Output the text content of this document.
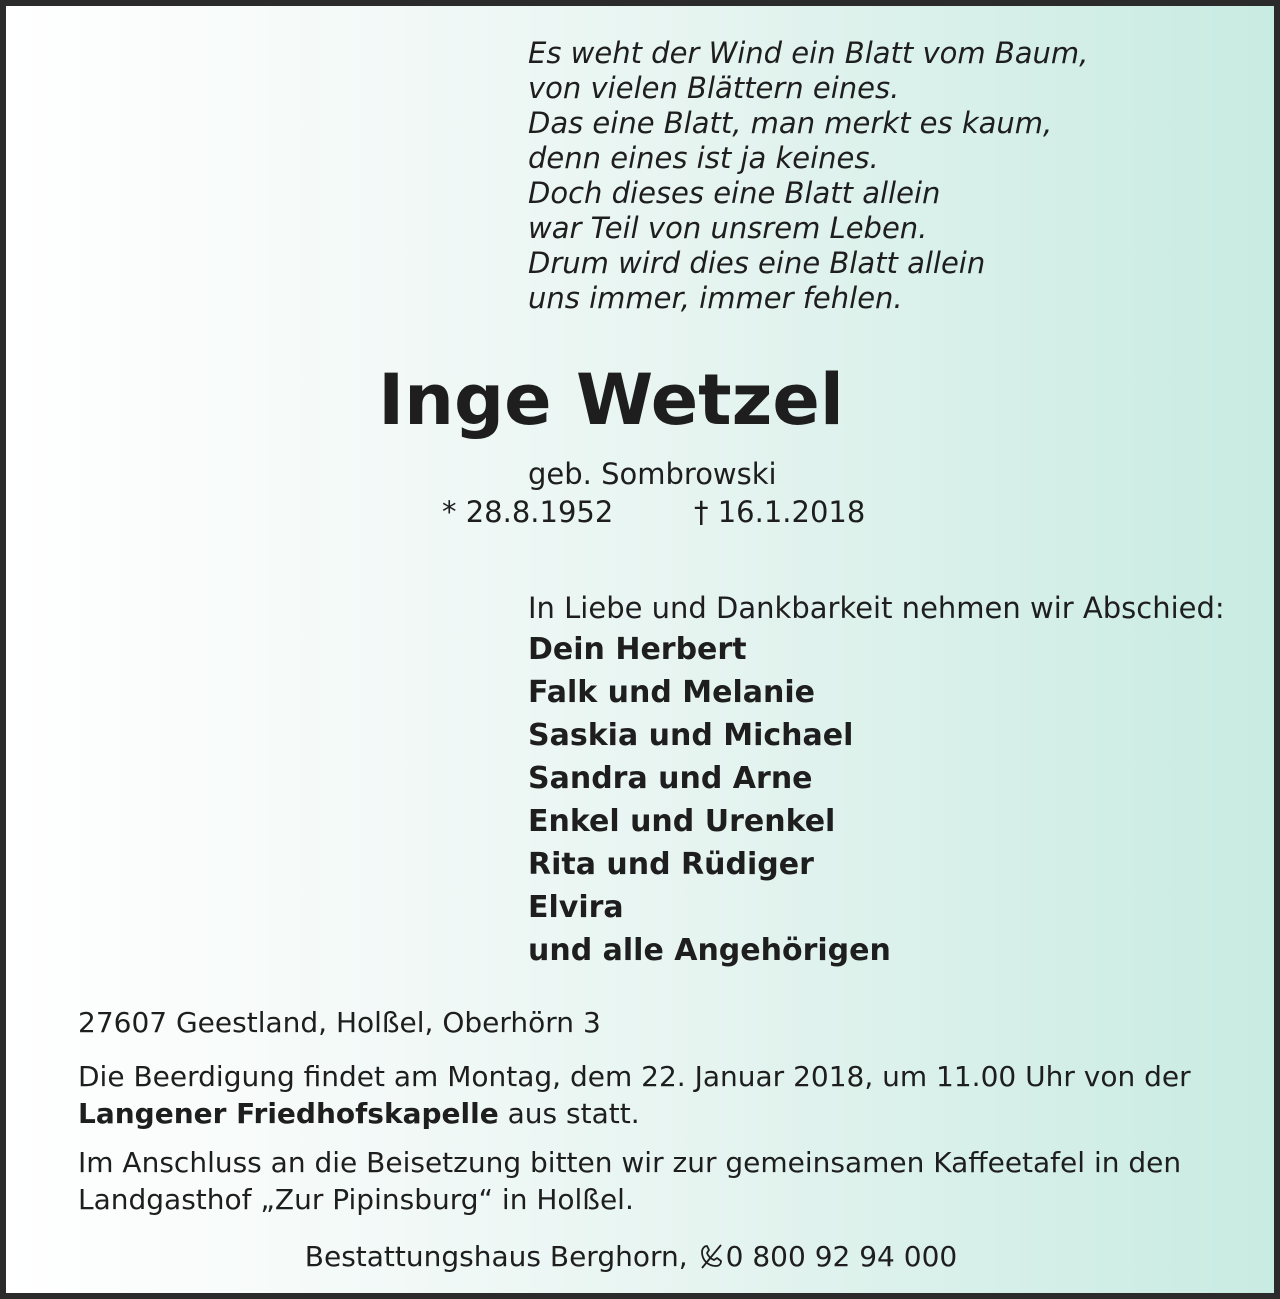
Es weht der Wind ein Blatt vom Baum,
von vielen Blättern eines.
Das eine Blatt, man merkt es kaum,
denn eines ist ja keines.
Doch dieses eine Blatt allein
war Teil von unsrem Leben.
Drum wird dies eine Blatt allein
uns immer, immer fehlen.
Inge Wetzel
geb. Sombrowski
* 28.8.1952	† 16.1.2018
In Liebe und Dankbarkeit nehmen wir Abschied:
Dein Herbert
Falk und Melanie
Saskia und Michael
Sandra und Arne
Enkel und Urenkel
Rita und Rüdiger
Elvira
und alle Angehörigen
27607 Geestland, Holßel, Oberhörn 3
Die Beerdigung findet am Montag, dem 22. Januar 2018, um 11.00 Uhr von der Langener Friedhofskapelle aus statt.
Im Anschluss an die Beisetzung bitten wir zur gemeinsamen Kaffeetafel in den Landgasthof „Zur Pipinsburg“ in Holßel.
Bestattungshaus Berghorn, 0 800 92 94 000
